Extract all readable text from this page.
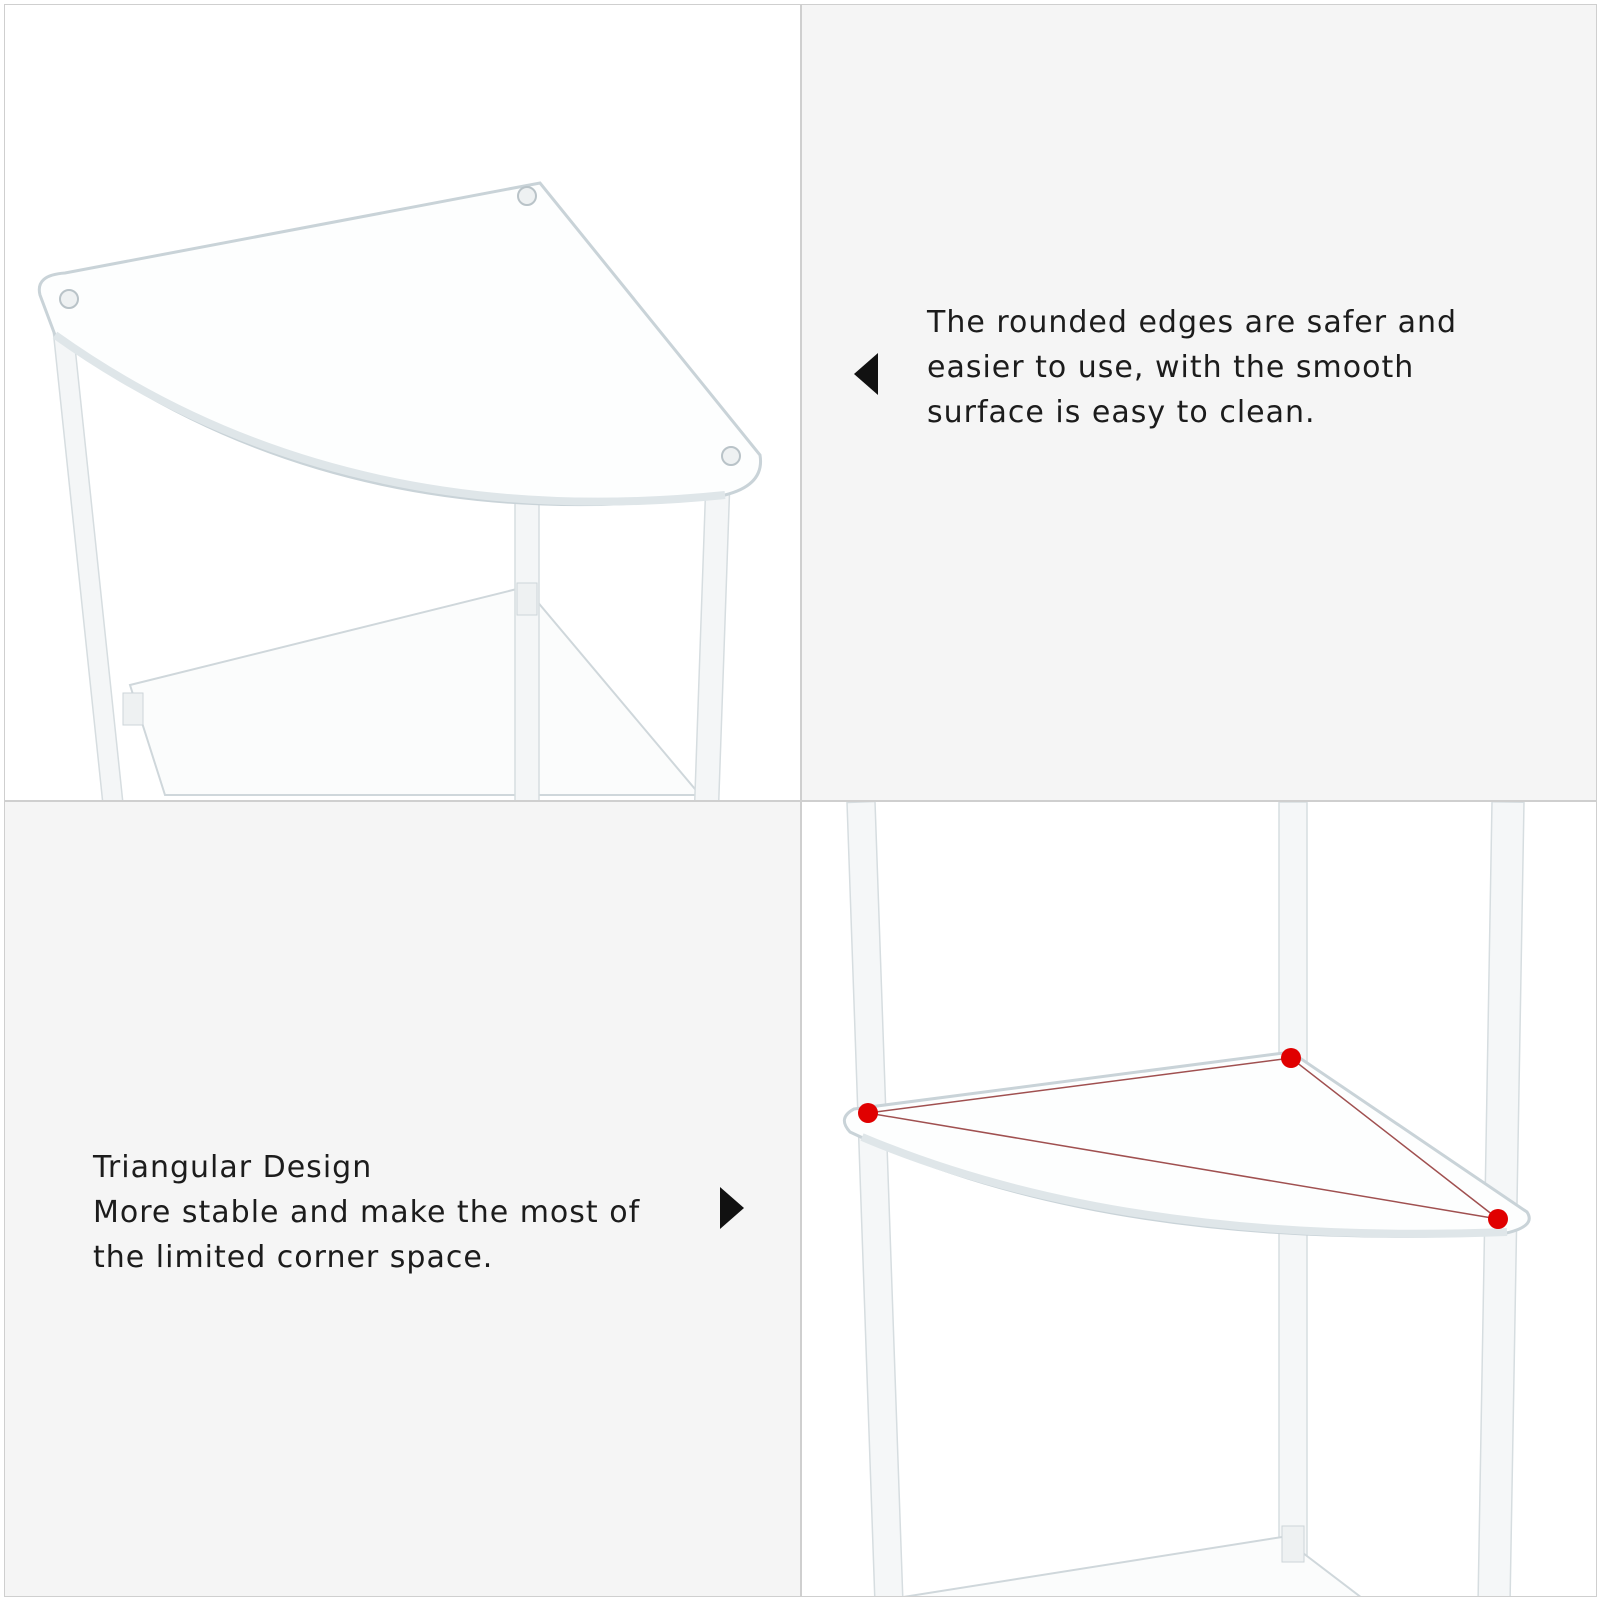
The rounded edges are safer and
easier to use, with the smooth
surface is easy to clean.

Triangular Design
More stable and make the most of
the limited corner space.
